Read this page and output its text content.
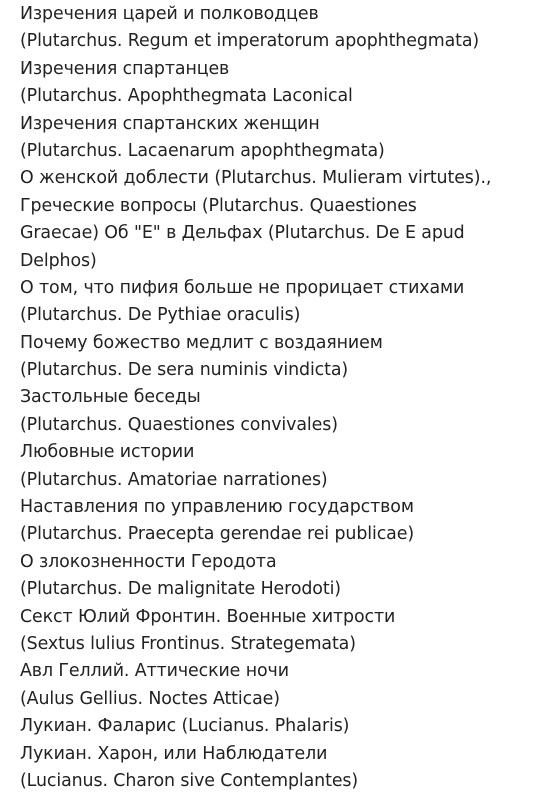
Изречения царей и полководцев
(Plutarchus. Regum et imperatorum apophthegmata)
Изречения спартанцев
(Plutarchus. Apophthegmata Laconical
Изречения спартанских женщин
(Plutarchus. Lacaenarum apophthegmata)
О женской доблести (Plutarchus. Mulieram virtutes).,
Греческие вопросы (Plutarchus. Quaestiones
Graecae) Об "E" в Дельфах (Plutarchus. De E apud
Delphos)
О том, что пифия больше не прорицает стихами
(Plutarchus. De Pythiae oraculis)
Почему божество медлит с воздаянием
(Plutarchus. De sera numinis vindicta)
Застольные беседы
(Plutarchus. Quaestiones convivales)
Любовные истории
(Plutarchus. Amatoriae narrationes)
Наставления по управлению государством
(Plutarchus. Praecepta gerendae rei publicae)
О злокозненности Геродота
(Plutarchus. De malignitate Herodoti)
Секст Юлий Фронтин. Военные хитрости
(Sextus lulius Frontinus. Strategemata)
Авл Геллий. Аттические ночи
(Aulus Gellius. Noctes Atticae)
Лукиан. Фаларис (Lucianus. Phalaris)
Лукиан. Харон, или Наблюдатели
(Lucianus. Charon sive Contemplantes)
